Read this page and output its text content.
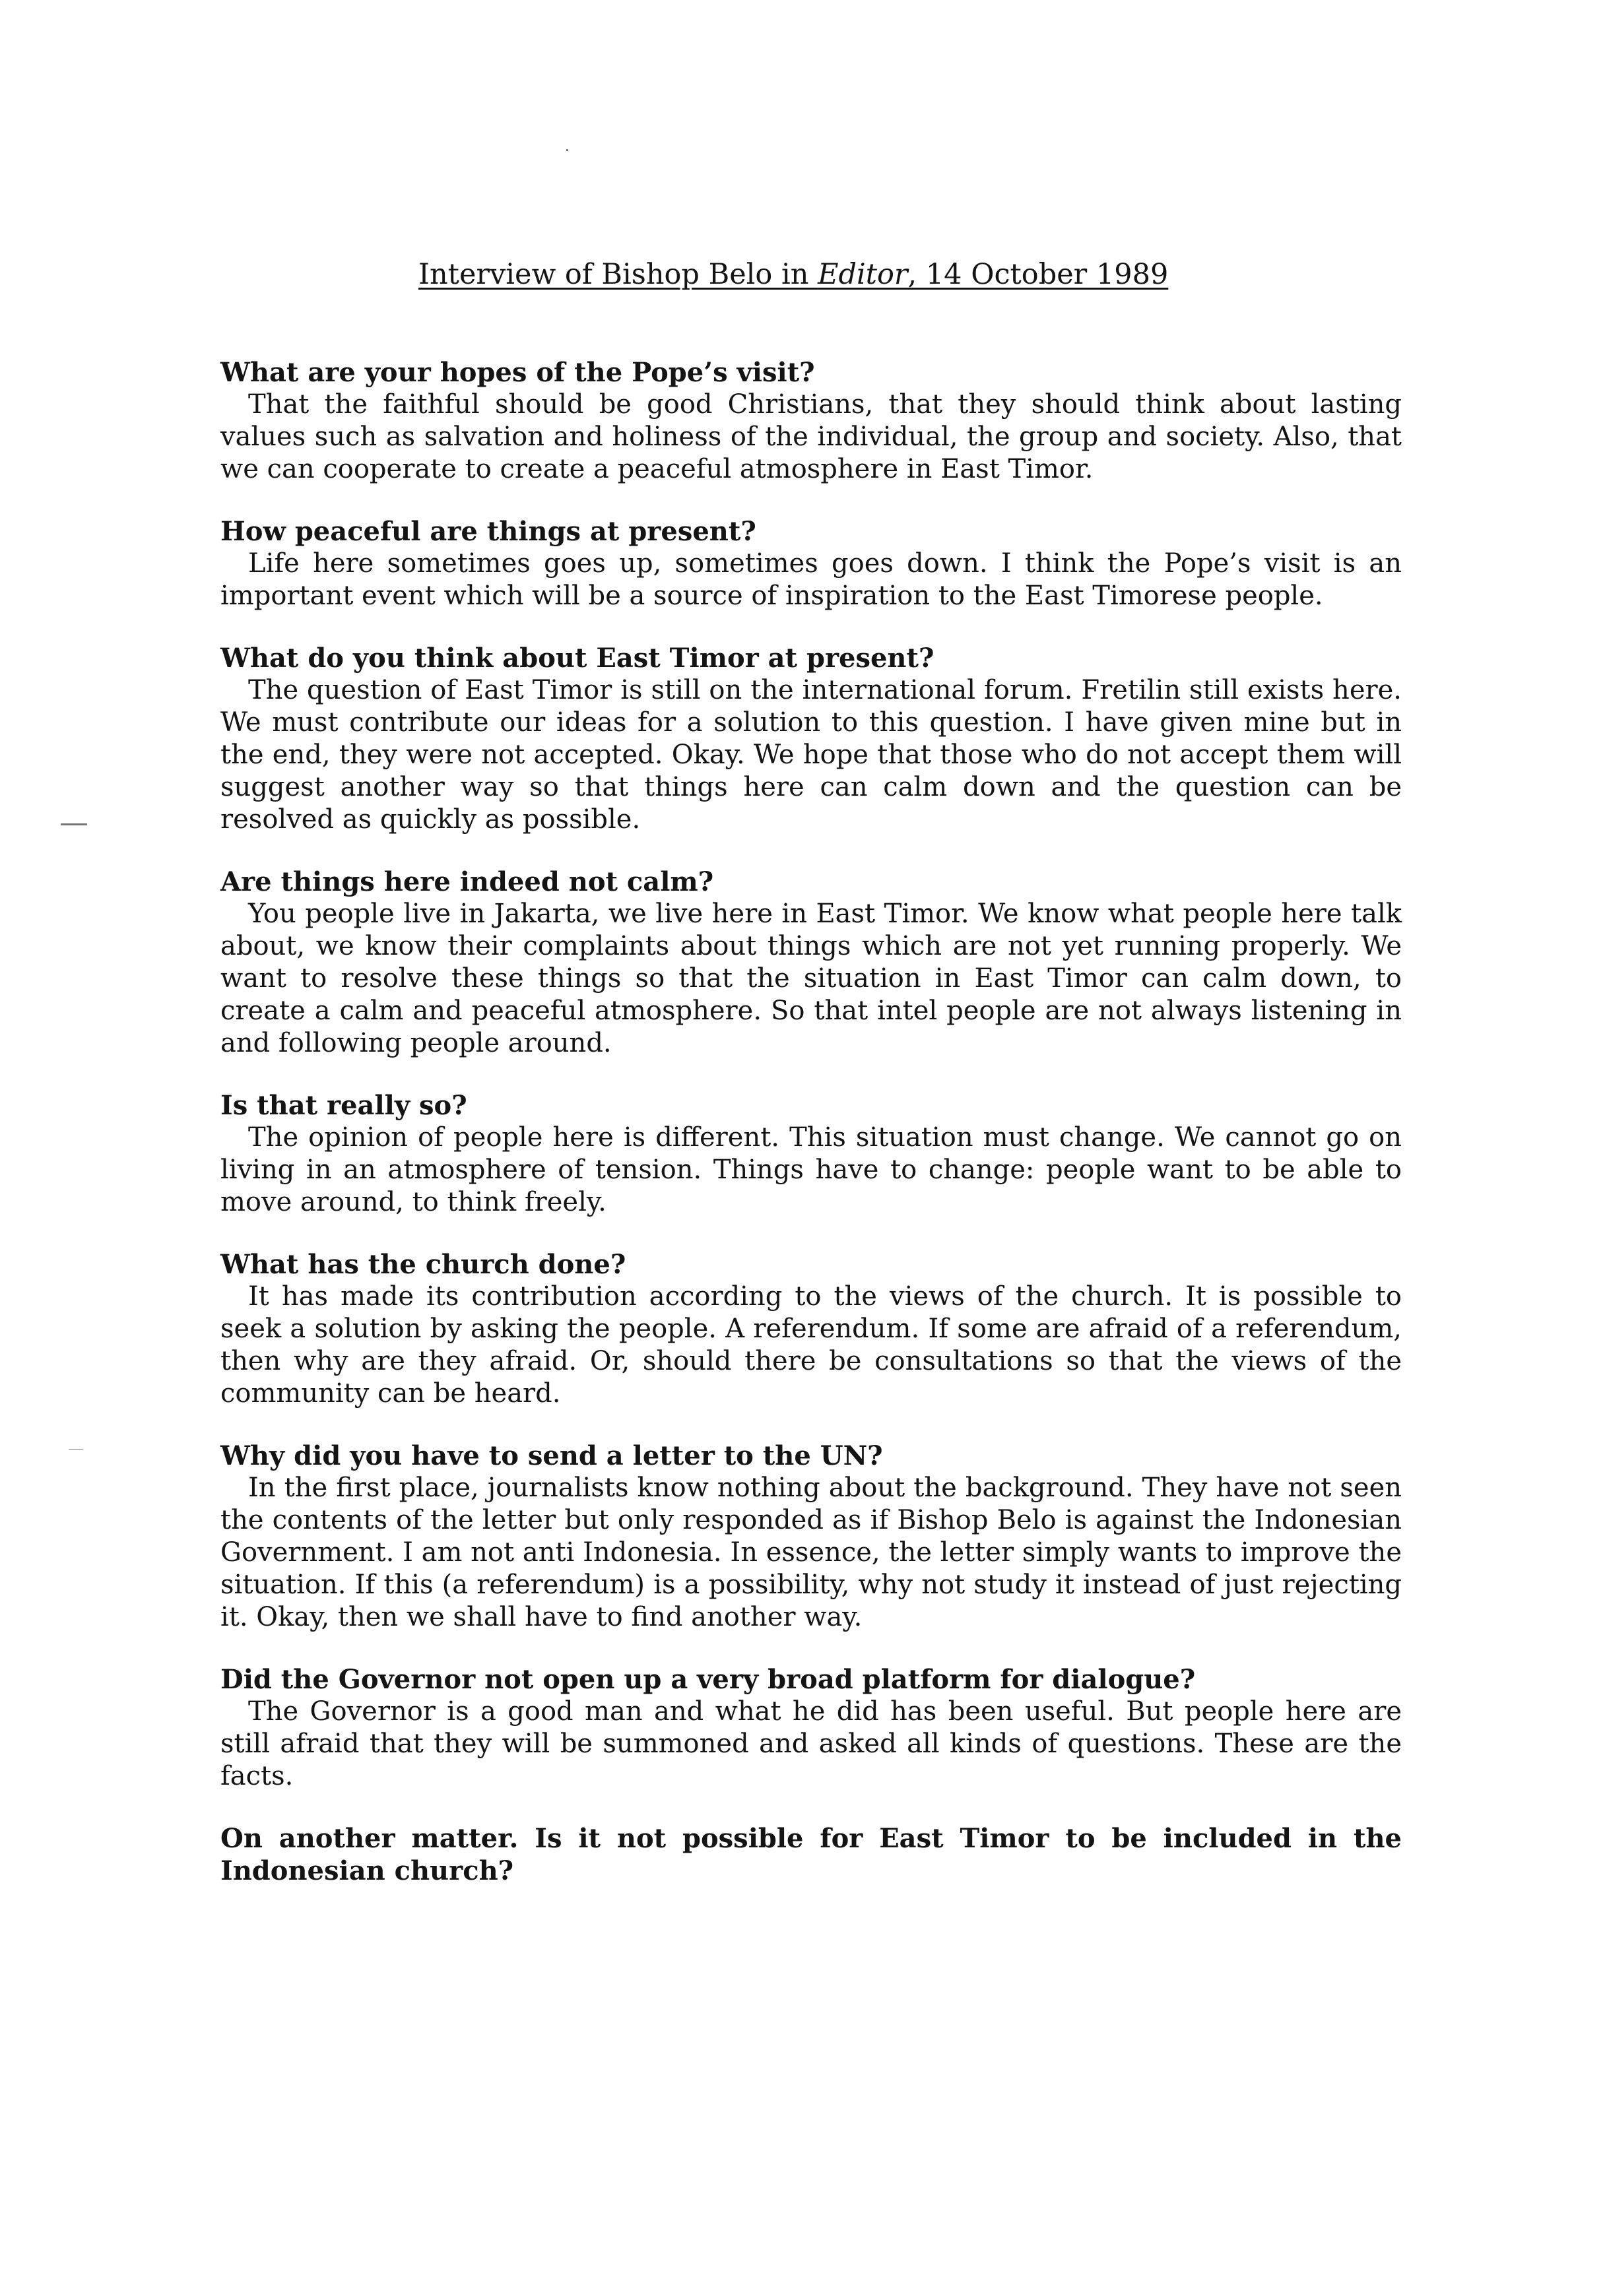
Interview of Bishop Belo in Editor, 14 October 1989

What are your hopes of the Pope’s visit?

That the faithful should be good Christians, that they should think about lasting values such as salvation and holiness of the individual, the group and society. Also, that we can cooperate to create a peaceful atmosphere in East Timor.

How peaceful are things at present?

Life here sometimes goes up, sometimes goes down. I think the Pope’s visit is an important event which will be a source of inspiration to the East Timorese people.

What do you think about East Timor at present?

The question of East Timor is still on the international forum. Fretilin still exists here. We must contribute our ideas for a solution to this question. I have given mine but in the end, they were not accepted. Okay. We hope that those who do not accept them will suggest another way so that things here can calm down and the question can be resolved as quickly as possible.

Are things here indeed not calm?

You people live in Jakarta, we live here in East Timor. We know what people here talk about, we know their complaints about things which are not yet running properly. We want to resolve these things so that the situation in East Timor can calm down, to create a calm and peaceful atmosphere. So that intel people are not always listening in and following people around.

Is that really so?

The opinion of people here is different. This situation must change. We cannot go on living in an atmosphere of tension. Things have to change: people want to be able to move around, to think freely.

What has the church done?

It has made its contribution according to the views of the church. It is possible to seek a solution by asking the people. A referendum. If some are afraid of a referendum, then why are they afraid. Or, should there be consultations so that the views of the community can be heard.

Why did you have to send a letter to the UN?

In the first place, journalists know nothing about the background. They have not seen the contents of the letter but only responded as if Bishop Belo is against the Indonesian Government. I am not anti Indonesia. In essence, the letter simply wants to improve the situation. If this (a referendum) is a possibility, why not study it instead of just rejecting it. Okay, then we shall have to find another way.

Did the Governor not open up a very broad platform for dialogue?

The Governor is a good man and what he did has been useful. But people here are still afraid that they will be summoned and asked all kinds of questions. These are the facts.

On another matter. Is it not possible for East Timor to be included in the Indonesian church?
